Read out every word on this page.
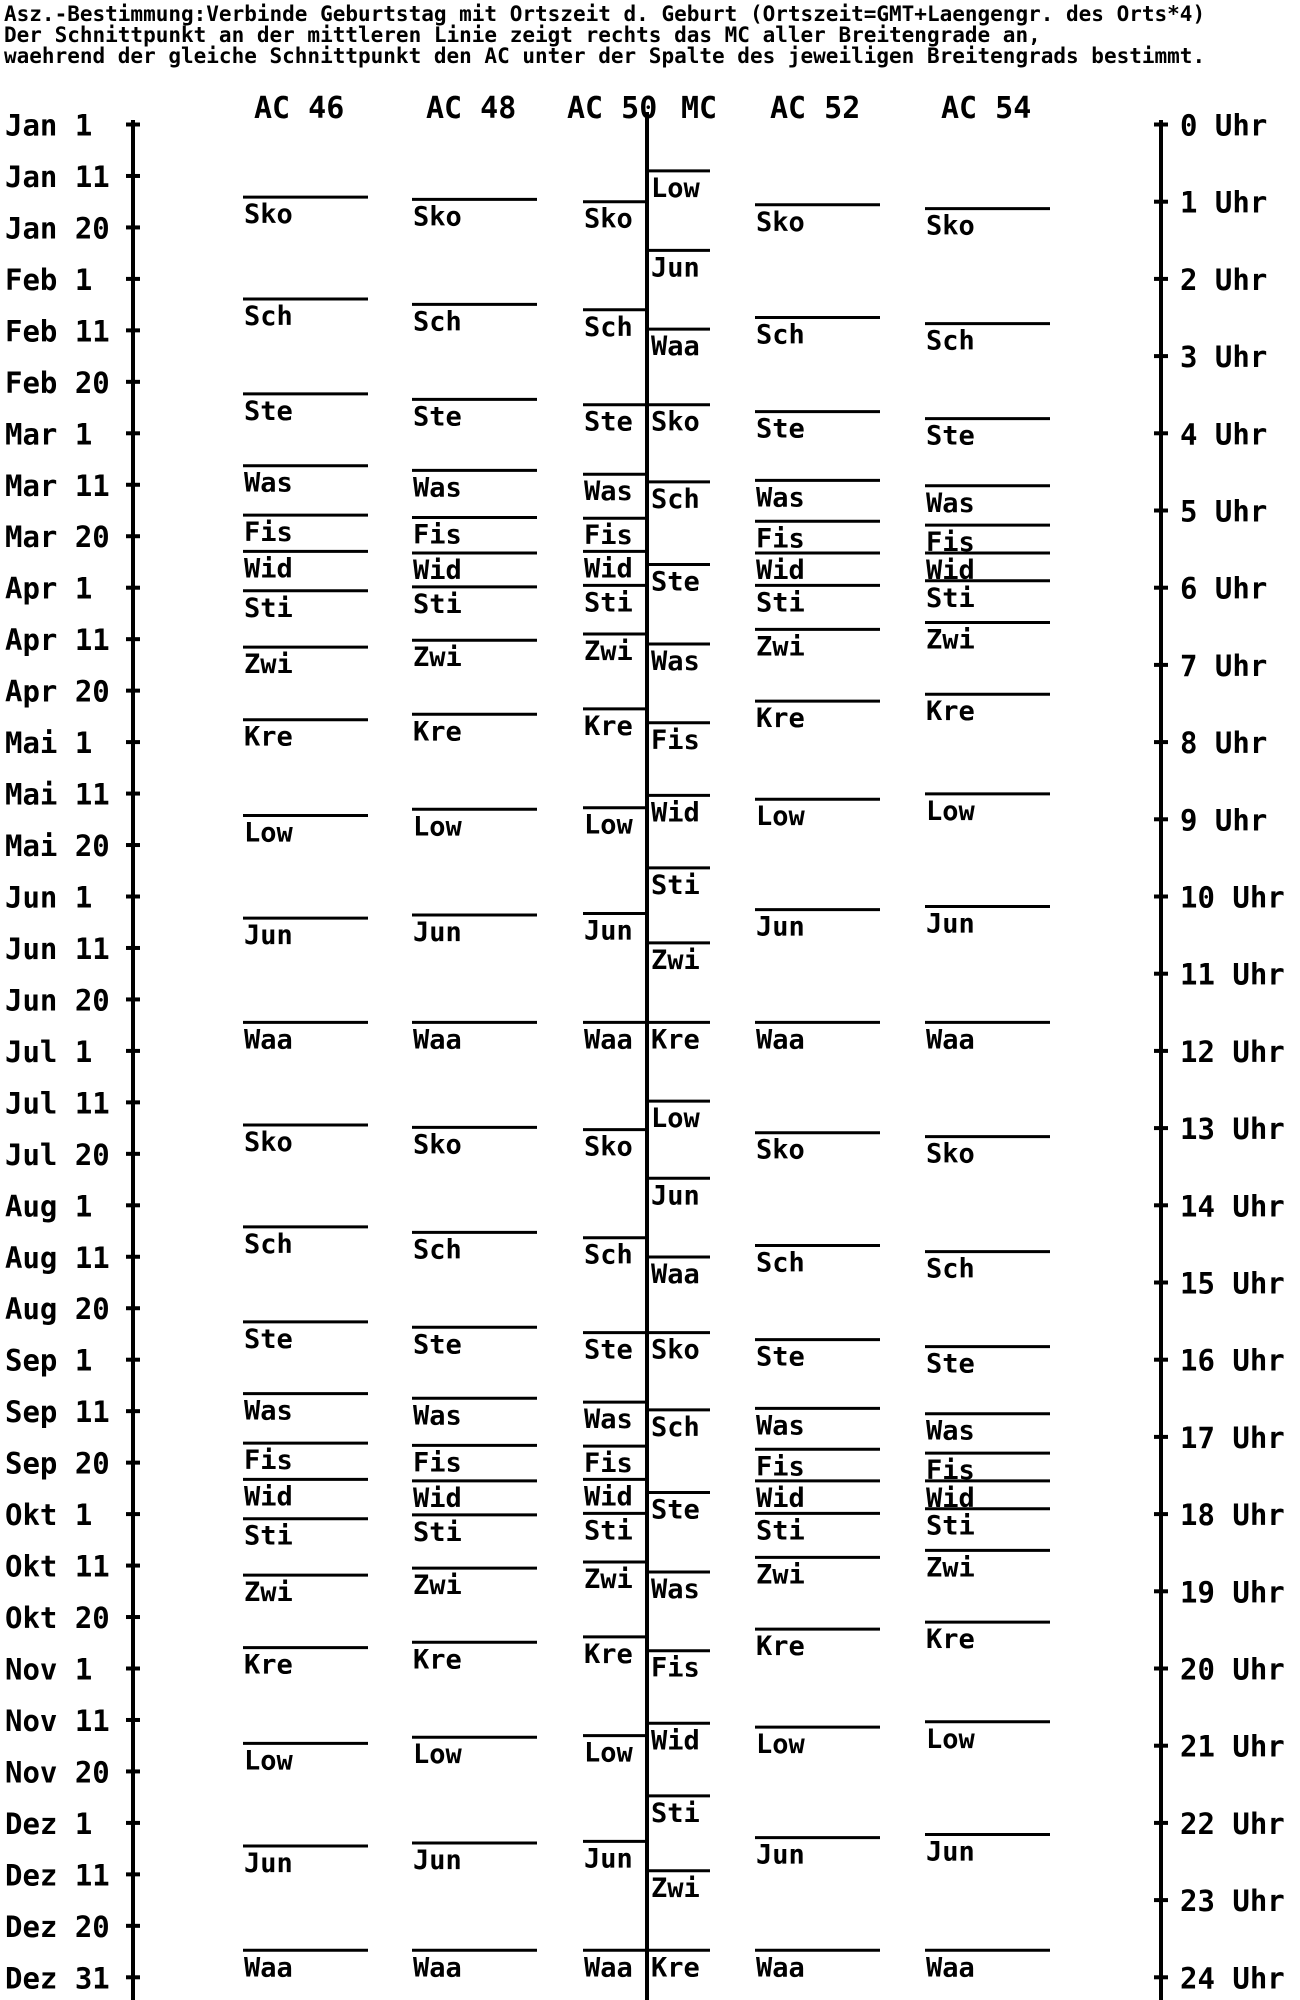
Asz.-Bestimmung:Verbinde Geburtstag mit Ortszeit d. Geburt (Ortszeit=GMT+Laengengr. des Orts*4)
Der Schnittpunkt an der mittleren Linie zeigt rechts das MC aller Breitengrade an,
waehrend der gleiche Schnittpunkt den AC unter der Spalte des jeweiligen Breitengrads bestimmt.
AC 46	AC 48 AC 50 MC AC 52	AC 54
Jan 1
Jan 11
Jan 20
Feb 1
Feb 11
Feb 20
Mar 1
Mar 11
Mar 20
Apr 1
Apr 11
Apr 20
Mai 1
Mai 11
Mai 20
Jun 1
Jun 11
Jun 20
Jul 1
Jul 11
Jul 20
Aug 1
Aug 11
Aug 20
Sep 1
Sep 11
Sep 20
Okt 1
Okt 11
Okt 20
Nov 1
Nov 11
Nov 20
Dez 1
Dez 11
Dez 20
Dez 31
0 Uhr
1 Uhr
2 Uhr
3 Uhr
4 Uhr
5 Uhr
6 Uhr
7 Uhr
8 Uhr
9 Uhr
10 Uhr
11 Uhr
12 Uhr
13 Uhr
14 Uhr
15 Uhr
16 Uhr
17 Uhr
18 Uhr
19 Uhr
20 Uhr
21 Uhr
22 Uhr
23 Uhr
24 Uhr
Sko
Sch
Ste
Was
Fis
Wid
Sti
Zwi
Kre
Low
Jun
Waa
Sko
Sch
Ste
Was
Fis
Wid
Sti
Zwi
Kre
Low
Jun
Waa
Sko
Sch
Ste
Was
Fis
Wid
Sti
Zwi
Kre
Low
Jun
Waa
Sko
Sch
Ste
Was
Fis
Wid
Sti
Zwi
Kre
Low
Jun
Waa
Sko
Sch
Ste
Was
Fis
Wid
Sti
Zwi
Kre
Low
Jun
Waa
Sko
Sch
Ste
Was
Fis
Wid
Sti
Zwi
Kre
Low
Jun
Waa
Sko
Sch
Ste
Was
Fis
Wid
Sti
Zwi
Kre
Low
Jun
Waa
Sko
Sch
Ste
Was
Fis
Wid
Sti
Zwi
Kre
Low
Jun
Waa
Sko
Sch
Ste
Was
Fis
Wid
Sti
Zwi
Kre
Low
Jun
Waa
Sko
Sch
Ste
Was
Fis
Wid
Sti
Zwi
Kre
Low
Jun
Waa
Low
Jun
Waa
Sko
Sch
Ste
Was
Fis
Wid
Sti
Zwi
Kre
Low
Jun
Waa
Sko
Sch
Ste
Was
Fis
Wid
Sti
Zwi
Kre
